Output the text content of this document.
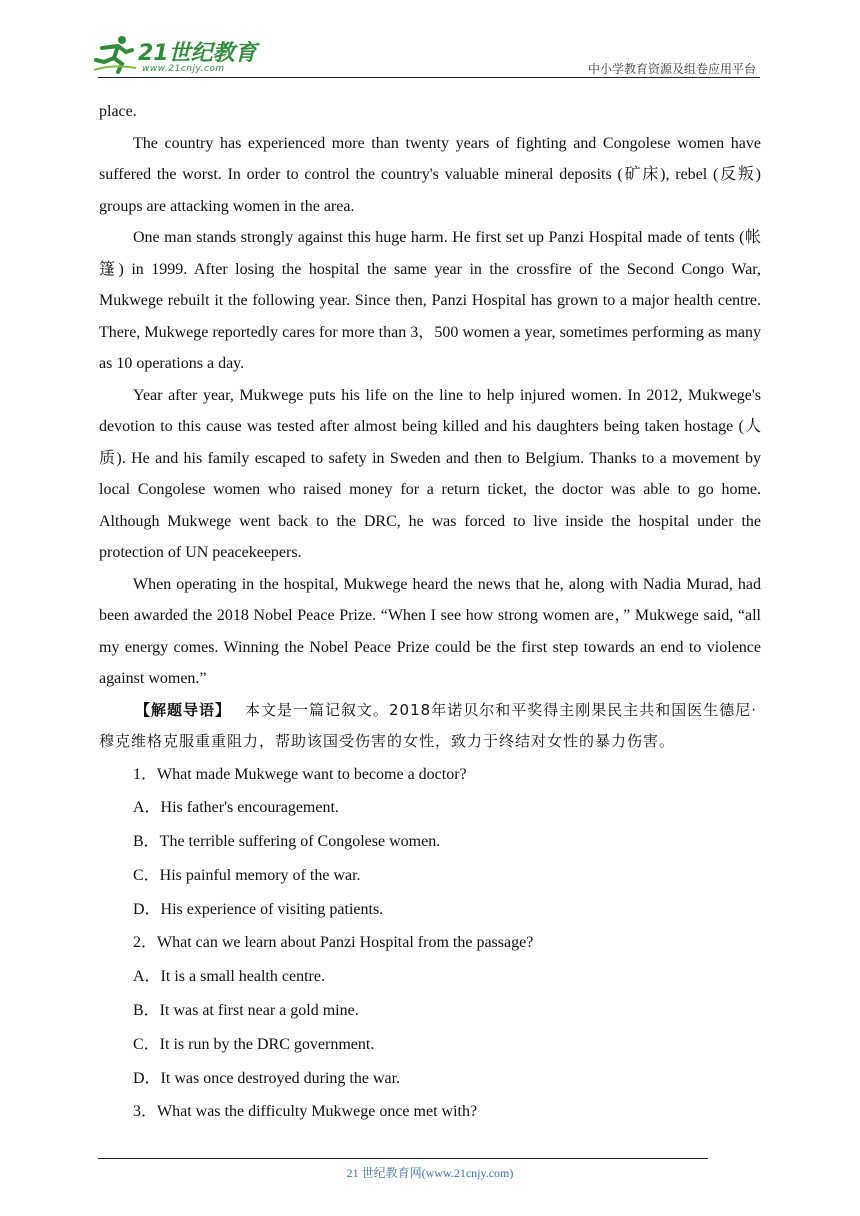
21世纪教育
www.21cnjy.com	中小学教育资源及组卷应用平台

place.

The country has experienced more than twenty years of fighting and Congolese women have suffered the worst. In order to control the country's valuable mineral deposits (矿床), rebel (反叛) groups are attacking women in the area.

One man stands strongly against this huge harm. He first set up Panzi Hospital made of tents (帐篷) in 1999. After losing the hospital the same year in the crossfire of the Second Congo War, Mukwege rebuilt it the following year. Since then, Panzi Hospital has grown to a major health centre. There, Mukwege reportedly cares for more than 3，500 women a year, sometimes performing as many as 10 operations a day.

Year after year, Mukwege puts his life on the line to help injured women. In 2012, Mukwege's devotion to this cause was tested after almost being killed and his daughters being taken hostage (人质). He and his family escaped to safety in Sweden and then to Belgium. Thanks to a movement by local Congolese women who raised money for a return ticket, the doctor was able to go home. Although Mukwege went back to the DRC, he was forced to live inside the hospital under the protection of UN peacekeepers.

When operating in the hospital, Mukwege heard the news that he, along with Nadia Murad, had been awarded the 2018 Nobel Peace Prize. “When I see how strong women are，” Mukwege said, “all my energy comes. Winning the Nobel Peace Prize could be the first step towards an end to violence against women.”

【解题导语】 本文是一篇记叙文。2018年诺贝尔和平奖得主刚果民主共和国医生德尼·穆克维格克服重重阻力，帮助该国受伤害的女性，致力于终结对女性的暴力伤害。

1．What made Mukwege want to become a doctor?

A．His father's encouragement.

B．The terrible suffering of Congolese women.

C．His painful memory of the war.

D．His experience of visiting patients.

2．What can we learn about Panzi Hospital from the passage?

A．It is a small health centre.

B．It was at first near a gold mine.

C．It is run by the DRC government.

D．It was once destroyed during the war.

3．What was the difficulty Mukwege once met with?

21 世纪教育网(www.21cnjy.com)
